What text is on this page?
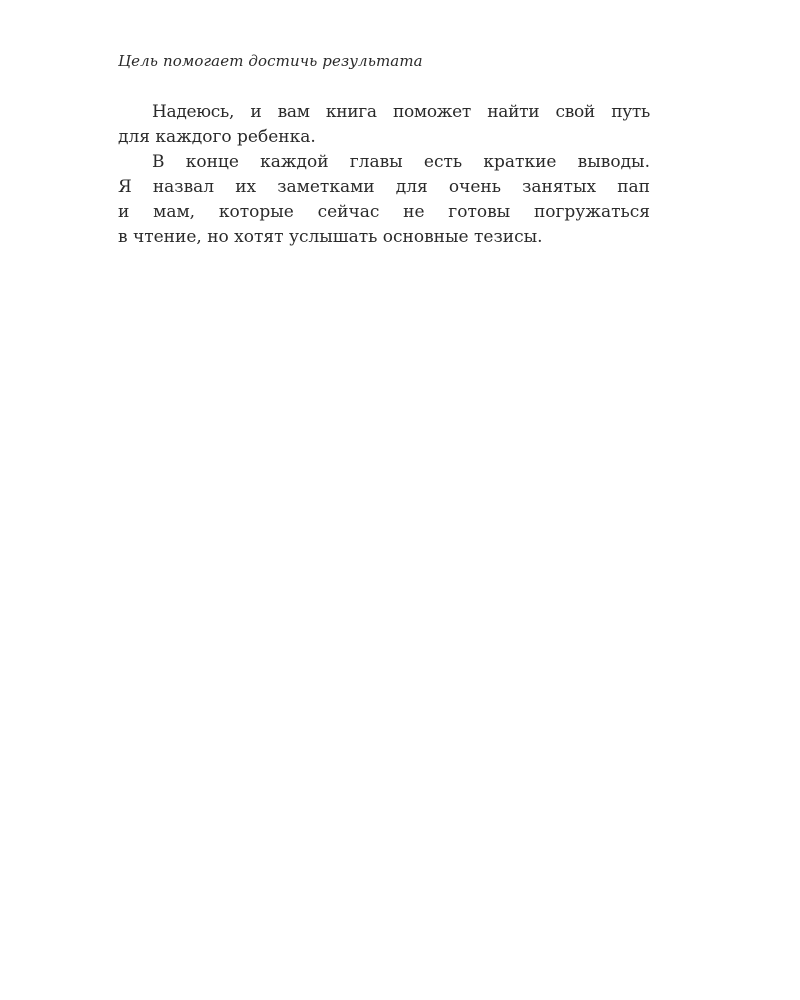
Цель помогает достичь результата

Надеюсь, и вам книга поможет найти свой путь
для каждого ребенка.
В конце каждой главы есть краткие выводы.
Я назвал их заметками для очень занятых пап
и мам, которые сейчас не готовы погружаться
в чтение, но хотят услышать основные тезисы.
